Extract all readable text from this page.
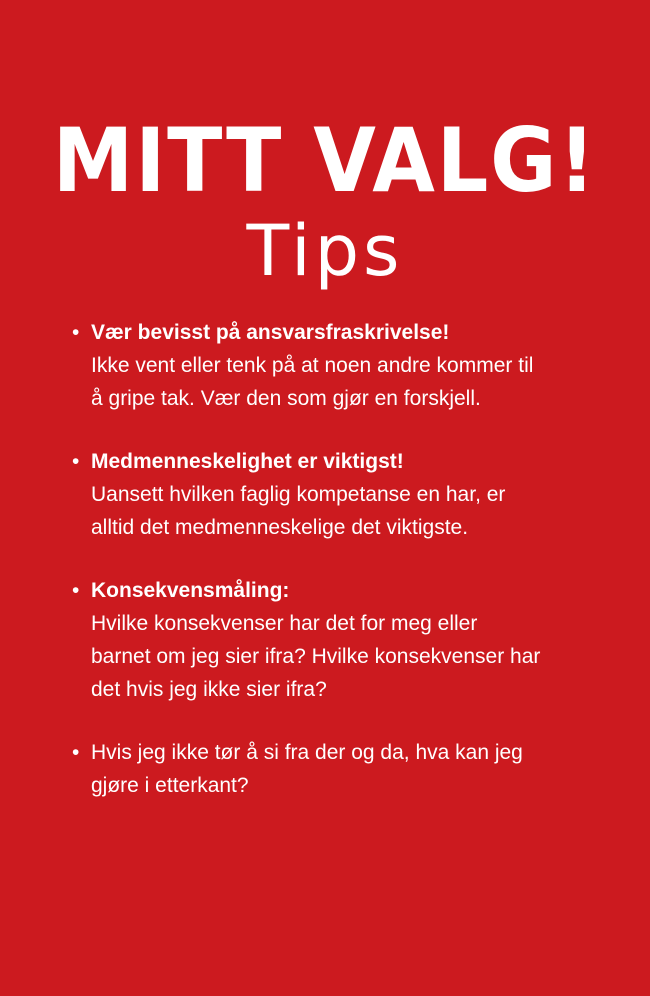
MITT VALG!
Tips
• Vær bevisst på ansvarsfraskrivelse!
Ikke vent eller tenk på at noen andre kommer til å gripe tak. Vær den som gjør en forskjell.
• Medmenneskelighet er viktigst!
Uansett hvilken faglig kompetanse en har, er alltid det medmenneskelige det viktigste.
• Konsekvensmåling:
Hvilke konsekvenser har det for meg eller barnet om jeg sier ifra? Hvilke konsekvenser har det hvis jeg ikke sier ifra?
• Hvis jeg ikke tør å si fra der og da, hva kan jeg gjøre i etterkant?
